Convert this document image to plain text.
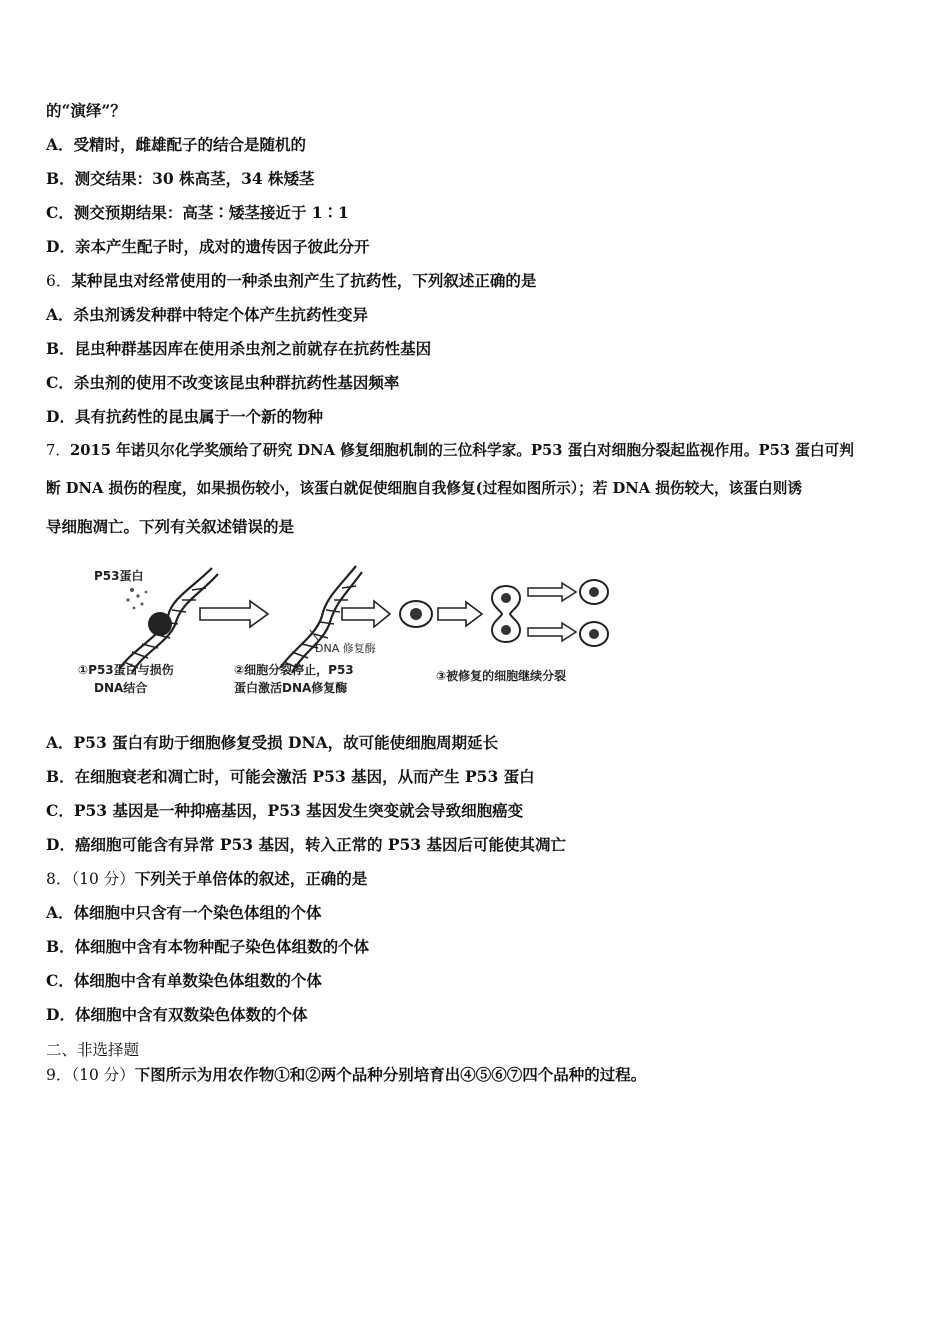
的“演绎”？
A．受精时，雌雄配子的结合是随机的
B．测交结果：30 株高茎，34 株矮茎
C．测交预期结果：高茎∶矮茎接近于 1∶1
D．亲本产生配子时，成对的遗传因子彼此分开
6．某种昆虫对经常使用的一种杀虫剂产生了抗药性，下列叙述正确的是
A．杀虫剂诱发种群中特定个体产生抗药性变异
B．昆虫种群基因库在使用杀虫剂之前就存在抗药性基因
C．杀虫剂的使用不改变该昆虫种群抗药性基因频率
D．具有抗药性的昆虫属于一个新的物种
7．2015 年诺贝尔化学奖颁给了研究 DNA 修复细胞机制的三位科学家。P53 蛋白对细胞分裂起监视作用。P53 蛋白可判
断 DNA 损伤的程度，如果损伤较小，该蛋白就促使细胞自我修复(过程如图所示）；若 DNA 损伤较大，该蛋白则诱
导细胞凋亡。下列有关叙述错误的是
P53蛋白
DNA 修复酶
①P53蛋白与损伤
DNA结合
②细胞分裂停止，P53
蛋白激活DNA修复酶
③被修复的细胞继续分裂
A．P53 蛋白有助于细胞修复受损 DNA，故可能使细胞周期延长
B．在细胞衰老和凋亡时，可能会激活 P53 基因，从而产生 P53 蛋白
C．P53 基因是一种抑癌基因，P53 基因发生突变就会导致细胞癌变
D．癌细胞可能含有异常 P53 基因，转入正常的 P53 基因后可能使其凋亡
8．（10 分）下列关于单倍体的叙述，正确的是
A．体细胞中只含有一个染色体组的个体
B．体细胞中含有本物种配子染色体组数的个体
C．体细胞中含有单数染色体组数的个体
D．体细胞中含有双数染色体数的个体
二、非选择题
9．（10 分）下图所示为用农作物①和②两个品种分别培育出④⑤⑥⑦四个品种的过程。
